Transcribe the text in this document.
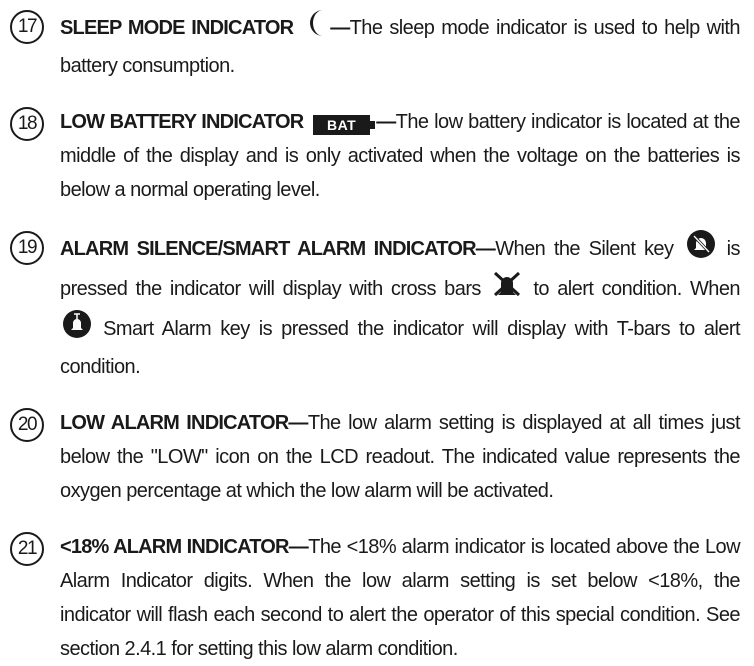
17	SLEEP MODE INDICATOR —The sleep mode indicator is used to help with battery consumption.
18	LOW BATTERY INDICATOR BAT —The low battery indicator is located at the middle of the display and is only activated when the voltage on the batteries is below a normal operating level.
19	ALARM SILENCE/SMART ALARM INDICATOR—When the Silent key	is pressed the indicator will display with cross bars	to alert condition. When  Smart Alarm key is pressed the indicator will display with T-bars to alert condition.
20	LOW ALARM INDICATOR—The low alarm setting is displayed at all times just below the "LOW" icon on the LCD readout. The indicated value represents the oxygen percentage at which the low alarm will be activated.
21	<18% ALARM INDICATOR—The <18% alarm indicator is located above the Low Alarm Indicator digits. When the low alarm setting is set below <18%, the indicator will flash each second to alert the operator of this special condition. See section 2.4.1 for setting this low alarm condition.
